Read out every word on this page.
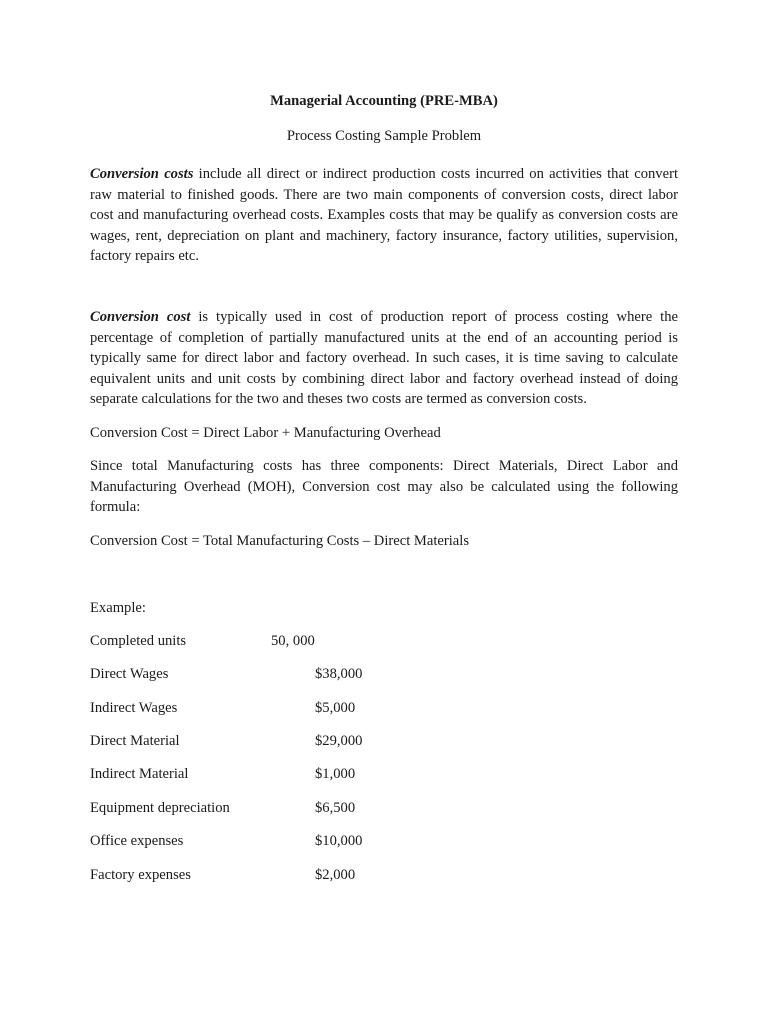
Managerial Accounting (PRE-MBA)
Process Costing Sample Problem
Conversion costs include all direct or indirect production costs incurred on activities that convert raw material to finished goods. There are two main components of conversion costs, direct labor cost and manufacturing overhead costs. Examples costs that may be qualify as conversion costs are wages, rent, depreciation on plant and machinery, factory insurance, factory utilities, supervision, factory repairs etc.
Conversion cost is typically used in cost of production report of process costing where the percentage of completion of partially manufactured units at the end of an accounting period is typically same for direct labor and factory overhead. In such cases, it is time saving to calculate equivalent units and unit costs by combining direct labor and factory overhead instead of doing separate calculations for the two and theses two costs are termed as conversion costs.
Conversion Cost = Direct Labor + Manufacturing Overhead
Since total Manufacturing costs has three components: Direct Materials, Direct Labor and Manufacturing Overhead (MOH), Conversion cost may also be calculated using the following formula:
Conversion Cost = Total Manufacturing Costs – Direct Materials
Example:
Completed units	50, 000
Direct Wages	$38,000
Indirect Wages	$5,000
Direct Material	$29,000
Indirect Material	$1,000
Equipment depreciation	$6,500
Office expenses	$10,000
Factory expenses	$2,000
